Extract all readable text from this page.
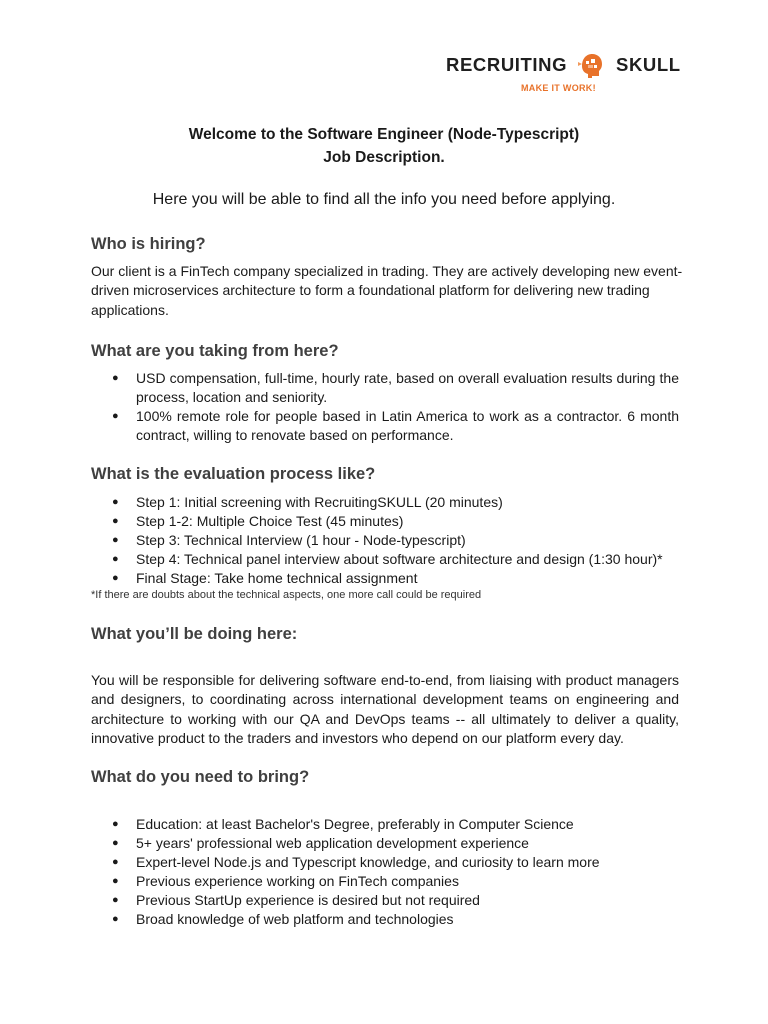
RECRUITING	SKULL
MAKE IT WORK!
Welcome to the Software Engineer (Node-Typescript)
Job Description.
Here you will be able to find all the info you need before applying.
Who is hiring?

Our client is a FinTech company specialized in trading. They are actively developing new event-driven microservices architecture to form a foundational platform for delivering new trading applications.

What are you taking from here?
● USD compensation, full-time, hourly rate, based on overall evaluation results during the process, location and seniority.
● 100% remote role for people based in Latin America to work as a contractor. 6 month contract, willing to renovate based on performance.
What is the evaluation process like?
● Step 1: Initial screening with RecruitingSKULL (20 minutes)
● Step 1-2: Multiple Choice Test (45 minutes)
● Step 3: Technical Interview (1 hour - Node-typescript)
● Step 4: Technical panel interview about software architecture and design (1:30 hour)*
● Final Stage: Take home technical assignment
*If there are doubts about the technical aspects, one more call could be required
What you’ll be doing here:

You will be responsible for delivering software end-to-end, from liaising with product managers and designers, to coordinating across international development teams on engineering and architecture to working with our QA and DevOps teams -- all ultimately to deliver a quality, innovative product to the traders and investors who depend on our platform every day.

What do you need to bring?
● Education: at least Bachelor's Degree, preferably in Computer Science
● 5+ years' professional web application development experience
● Expert-level Node.js and Typescript knowledge, and curiosity to learn more
● Previous experience working on FinTech companies
● Previous StartUp experience is desired but not required
● Broad knowledge of web platform and technologies
